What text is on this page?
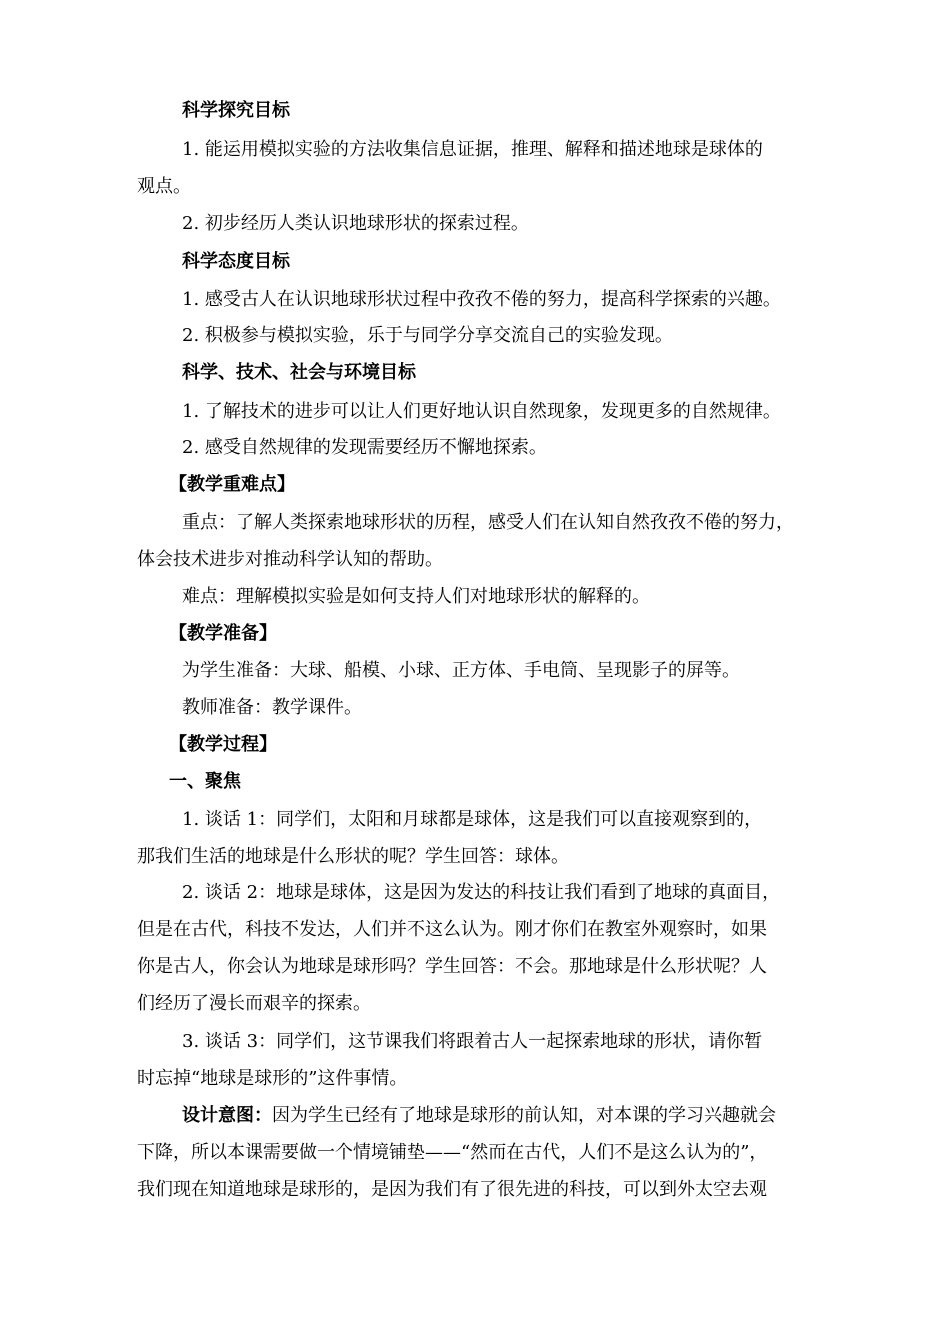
科学探究目标
1. 能运用模拟实验的方法收集信息证据，推理、解释和描述地球是球体的
观点。
2. 初步经历人类认识地球形状的探索过程。
科学态度目标
1. 感受古人在认识地球形状过程中孜孜不倦的努力，提高科学探索的兴趣。
2. 积极参与模拟实验，乐于与同学分享交流自己的实验发现。
科学、技术、社会与环境目标
1. 了解技术的进步可以让人们更好地认识自然现象，发现更多的自然规律。
2. 感受自然规律的发现需要经历不懈地探索。
【教学重难点】
重点：了解人类探索地球形状的历程，感受人们在认知自然孜孜不倦的努力，
体会技术进步对推动科学认知的帮助。
难点：理解模拟实验是如何支持人们对地球形状的解释的。
【教学准备】
为学生准备：大球、船模、小球、正方体、手电筒、呈现影子的屏等。
教师准备：教学课件。
【教学过程】
一、聚焦
1. 谈话 1：同学们，太阳和月球都是球体，这是我们可以直接观察到的，
那我们生活的地球是什么形状的呢？学生回答：球体。
2. 谈话 2：地球是球体，这是因为发达的科技让我们看到了地球的真面目，
但是在古代，科技不发达，人们并不这么认为。刚才你们在教室外观察时，如果
你是古人，你会认为地球是球形吗？学生回答：不会。那地球是什么形状呢？人
们经历了漫长而艰辛的探索。
3. 谈话 3：同学们，这节课我们将跟着古人一起探索地球的形状，请你暂
时忘掉“地球是球形的”这件事情。
设计意图：因为学生已经有了地球是球形的前认知，对本课的学习兴趣就会
下降，所以本课需要做一个情境铺垫——“然而在古代，人们不是这么认为的”，
我们现在知道地球是球形的，是因为我们有了很先进的科技，可以到外太空去观
